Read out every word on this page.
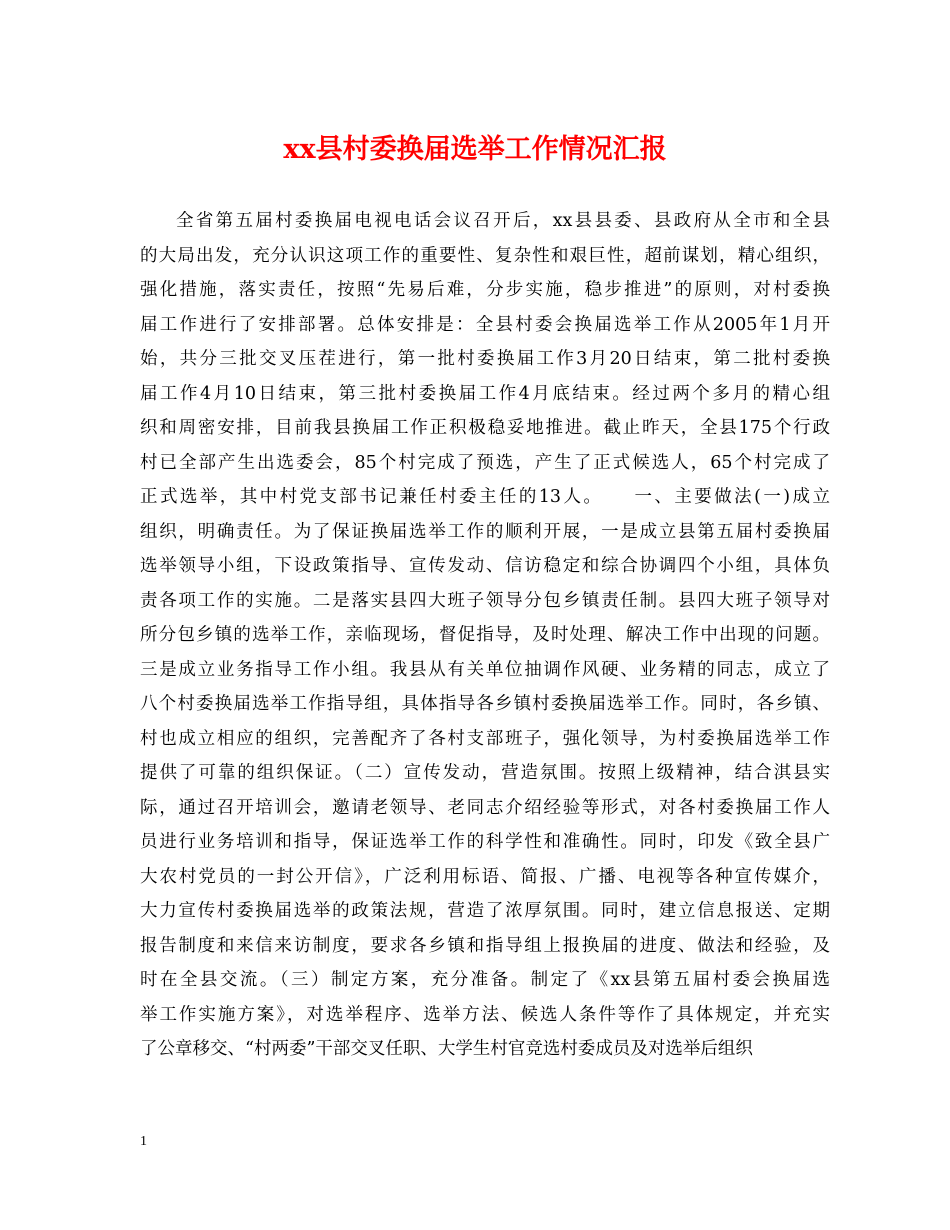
xx县村委换届选举工作情况汇报
全省第五届村委换届电视电话会议召开后，xx县县委、县政府从全市和全县
的大局出发，充分认识这项工作的重要性、复杂性和艰巨性，超前谋划，精心组织，
强化措施，落实责任，按照“先易后难，分步实施，稳步推进”的原则，对村委换
届工作进行了安排部署。总体安排是：全县村委会换届选举工作从2005年1月开
始，共分三批交叉压茬进行，第一批村委换届工作3月20日结束，第二批村委换
届工作4月10日结束，第三批村委换届工作4月底结束。经过两个多月的精心组
织和周密安排，目前我县换届工作正积极稳妥地推进。截止昨天，全县175个行政
村已全部产生出选委会，85个村完成了预选，产生了正式候选人，65个村完成了
正式选举，其中村党支部书记兼任村委主任的13人。　　一、主要做法(一)成立
组织，明确责任。为了保证换届选举工作的顺利开展，一是成立县第五届村委换届
选举领导小组，下设政策指导、宣传发动、信访稳定和综合协调四个小组，具体负
责各项工作的实施。二是落实县四大班子领导分包乡镇责任制。县四大班子领导对
所分包乡镇的选举工作，亲临现场，督促指导，及时处理、解决工作中出现的问题。
三是成立业务指导工作小组。我县从有关单位抽调作风硬、业务精的同志，成立了
八个村委换届选举工作指导组，具体指导各乡镇村委换届选举工作。同时，各乡镇、
村也成立相应的组织，完善配齐了各村支部班子，强化领导，为村委换届选举工作
提供了可靠的组织保证。（二）宣传发动，营造氛围。按照上级精神，结合淇县实
际，通过召开培训会，邀请老领导、老同志介绍经验等形式，对各村委换届工作人
员进行业务培训和指导，保证选举工作的科学性和准确性。同时，印发《致全县广
大农村党员的一封公开信》，广泛利用标语、简报、广播、电视等各种宣传媒介，
大力宣传村委换届选举的政策法规，营造了浓厚氛围。同时，建立信息报送、定期
报告制度和来信来访制度，要求各乡镇和指导组上报换届的进度、做法和经验，及
时在全县交流。（三）制定方案，充分准备。制定了《xx县第五届村委会换届选
举工作实施方案》，对选举程序、选举方法、候选人条件等作了具体规定，并充实
了公章移交、“村两委”干部交叉任职、大学生村官竞选村委成员及对选举后组织
1
